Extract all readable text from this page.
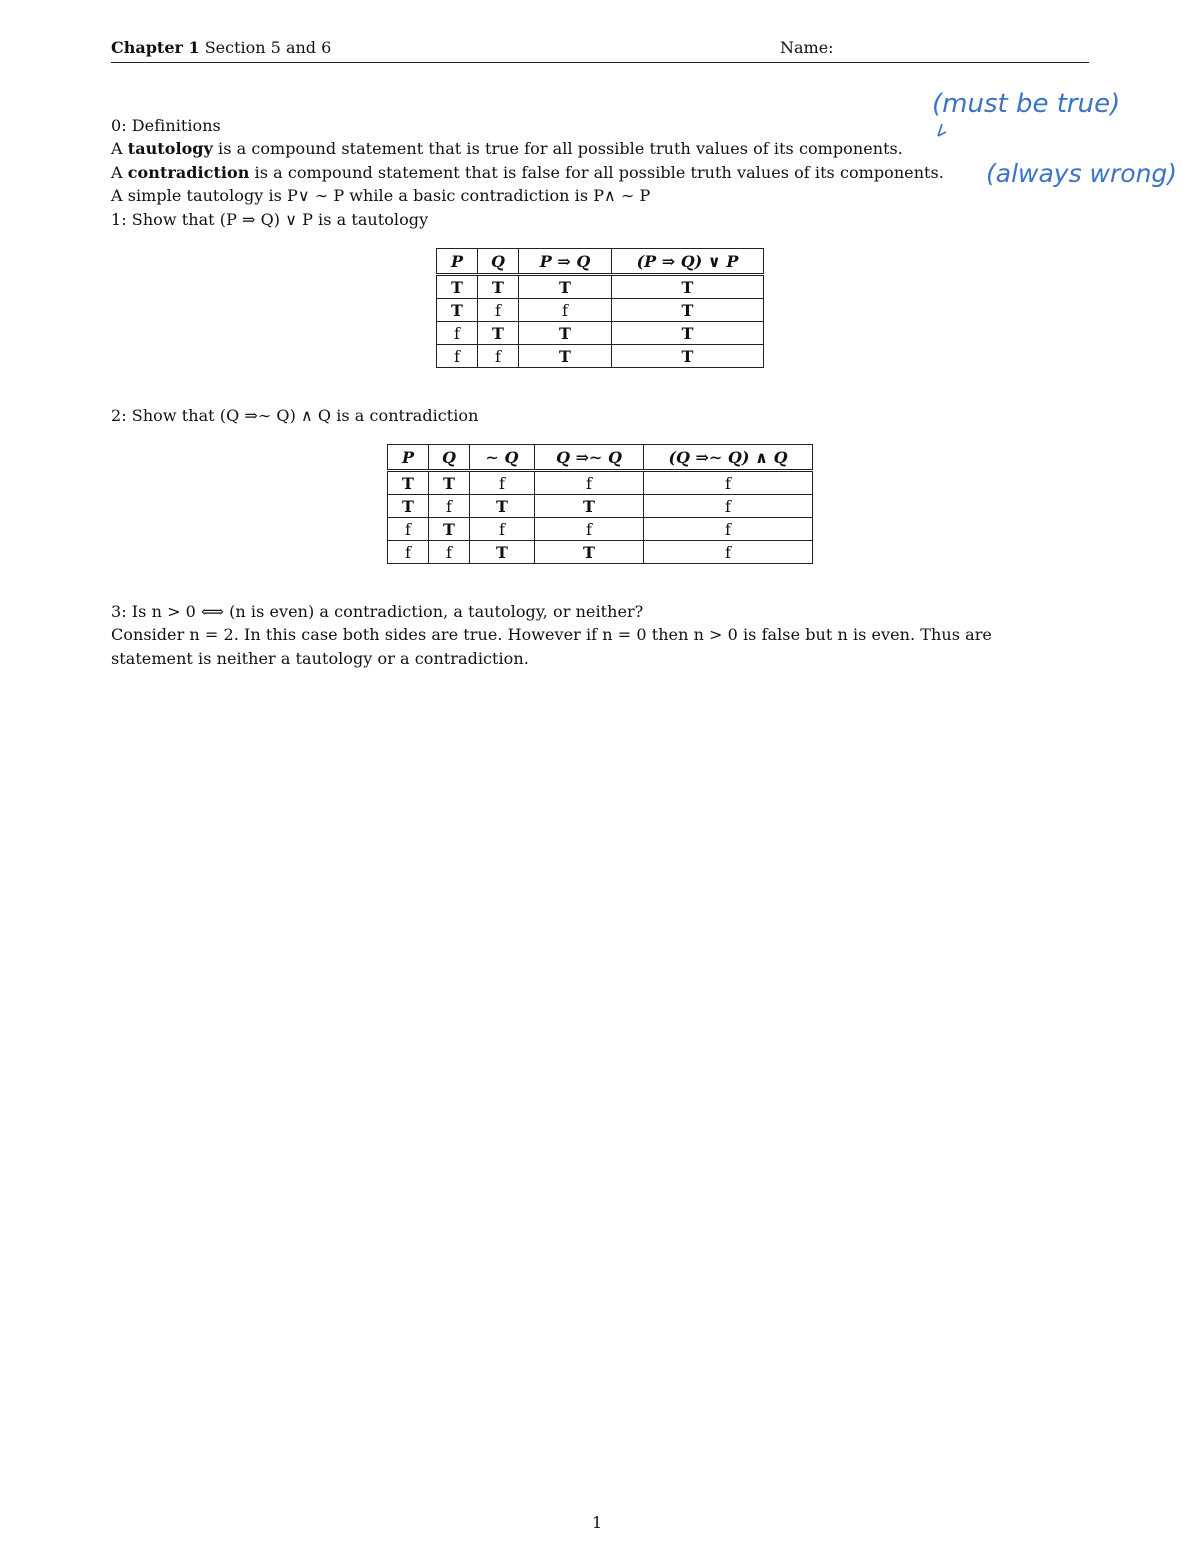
Chapter 1 Section 5 and 6	Name:
0: Definitions
A tautology is a compound statement that is true for all possible truth values of its components.
A contradiction is a compound statement that is false for all possible truth values of its components.
A simple tautology is P∨ ∼ P while a basic contradiction is P∧ ∼ P
1: Show that (P ⇒ Q) ∨ P is a tautology
P	Q	P ⇒ Q	(P ⇒ Q) ∨ P
T	T	T	T
T	f	f	T
f	T	T	T
f	f	T	T
2: Show that (Q ⇒∼ Q) ∧ Q is a contradiction
P	Q	∼ Q	Q ⇒∼ Q	(Q ⇒∼ Q) ∧ Q
T	T	f	f	f
T	f	T	T	f
f	T	f	f	f
f	f	T	T	f
3: Is n > 0 ⟺ (n is even) a contradiction, a tautology, or neither?
Consider n = 2. In this case both sides are true. However if n = 0 then n > 0 is false but n is even. Thus are
statement is neither a tautology or a contradiction.
(must be true)
(always wrong)
1
